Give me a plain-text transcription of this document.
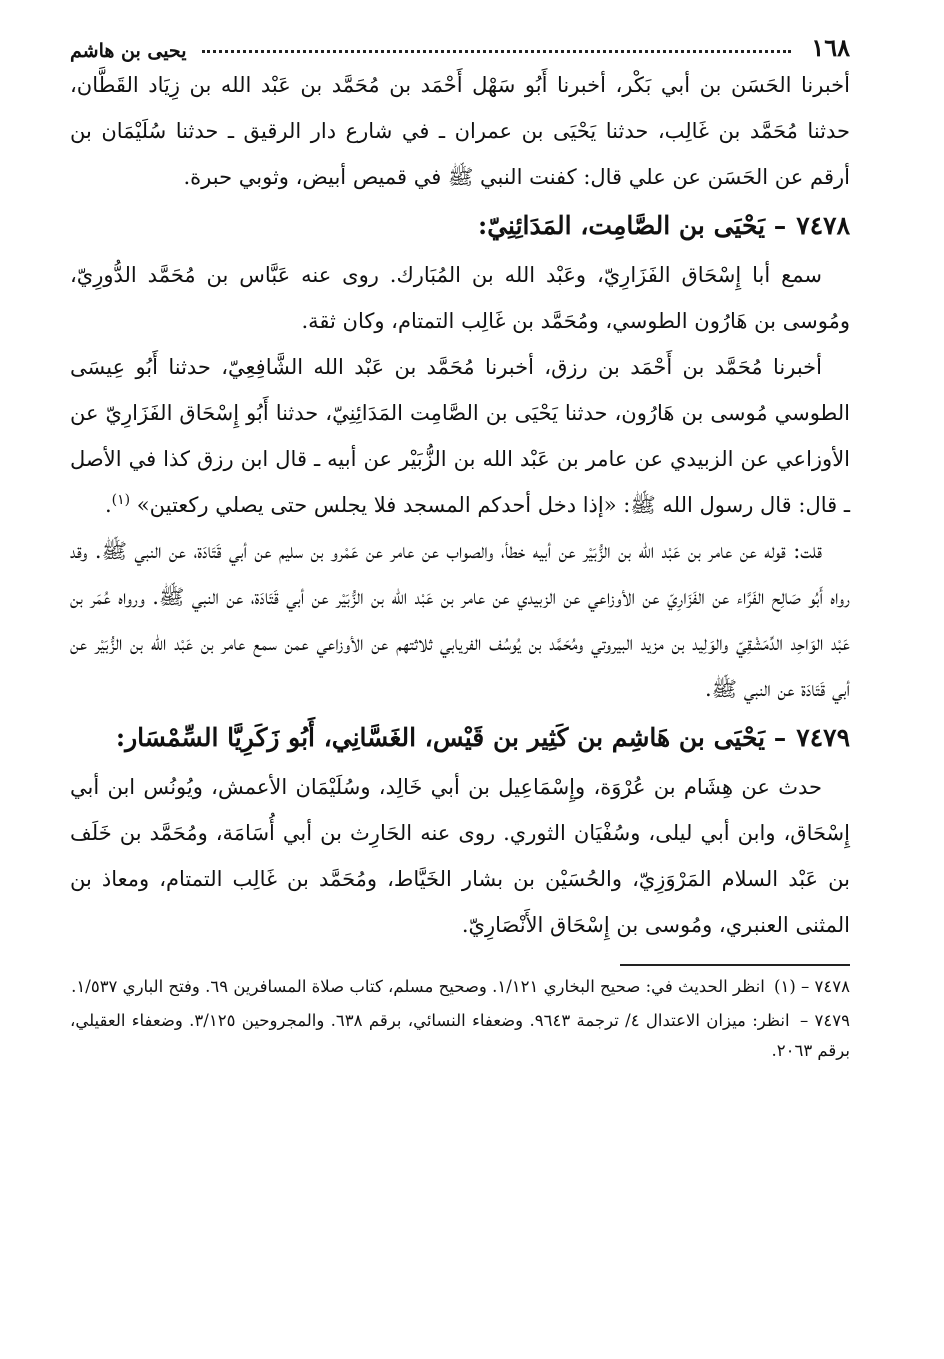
١٦٨
يحيى بن هاشم

أخبرنا الحَسَن بن أبي بَكْر، أخبرنا أَبُو سَهْل أَحْمَد بن مُحَمَّد بن عَبْد الله بن زِيَاد القَطَّان، حدثنا مُحَمَّد بن غَالِب، حدثنا يَحْيَى بن عمران ـ في شارع دار الرقيق ـ حدثنا سُلَيْمَان بن أرقم عن الحَسَن عن علي قال: كفنت النبي ﷺ في قميص أبيض، وثوبي حبرة.

٧٤٧٨– يَحْيَى بن الصَّامِت، المَدَائِنِيّ:

سمع أبا إِسْحَاق الفَزَارِيّ، وعَبْد الله بن المُبَارك. روى عنه عَبَّاس بن مُحَمَّد الدُّورِيّ، ومُوسى بن هَارُون الطوسي، ومُحَمَّد بن غَالِب التمتام، وكان ثقة.

أخبرنا مُحَمَّد بن أَحْمَد بن رزق، أخبرنا مُحَمَّد بن عَبْد الله الشَّافِعِيّ، حدثنا أَبُو عِيسَى الطوسي مُوسى بن هَارُون، حدثنا يَحْيَى بن الصَّامِت المَدَائِنِيّ، حدثنا أَبُو إِسْحَاق الفَزَارِيّ عن الأوزاعي عن الزبيدي عن عامر بن عَبْد الله بن الزُّبَيْر عن أبيه ـ قال ابن رزق كذا في الأصل ـ قال: قال رسول الله ﷺ: «إذا دخل أحدكم المسجد فلا يجلس حتى يصلي ركعتين» $^{(١)}$.

قلت: قوله عن عامر بن عَبْد الله بن الزُّبَيْر عن أبيه خطأ، والصواب عن عامر عن عَمْرو بن سليم عن أبي قَتَادَة، عن النبي ﷺ. وقد رواه أَبُو صَالِح الفَرَّاء عن الفَزَارِيّ عن الأوزاعي عن الزبيدي عن عامر بن عَبْد الله بن الزُّبَيْر عن أبي قَتَادَة، عن النبي ﷺ. ورواه عُمَر بن عَبْد الوَاحِد الدِّمَشْقِيّ والوَلِيد بن مزيد البيروتي ومُحَمَّد بن يُوسُف الفريابي ثلاثتهم عن الأوزاعي عمن سمع عامر بن عَبْد الله بن الزُّبَيْر عن أبي قَتَادَة عن النبي ﷺ.

٧٤٧٩– يَحْيَى بن هَاشِم بن كَثِير بن قَيْس، الغَسَّانِي، أَبُو زَكَرِيَّا السِّمْسَار:

حدث عن هِشَام بن عُرْوَة، وإِسْمَاعِيل بن أبي خَالِد، وسُلَيْمَان الأعمش، ويُونُس ابن أبي إِسْحَاق، وابن أبي ليلى، وسُفْيَان الثوري. روى عنه الحَارِث بن أبي أُسَامَة، ومُحَمَّد بن خَلَف بن عَبْد السلام المَرْوَزِيّ، والحُسَيْن بن بشار الخَيَّاط، ومُحَمَّد بن غَالِب التمتام، ومعاذ بن المثنى العنبري، ومُوسى بن إِسْحَاق الأَنْصَارِيّ.

٧٤٧٨ – (١) انظر الحديث في: صحيح البخاري ١/١٢١. وصحيح مسلم، كتاب صلاة المسافرين ٦٩. وفتح الباري ١/٥٣٧.

٧٤٧٩ – انظر: ميزان الاعتدال ٤/ ترجمة ٩٦٤٣. وضعفاء النسائي، برقم ٦٣٨. والمجروحين ٣/١٢٥. وضعفاء العقيلي، برقم ٢٠٦٣.
